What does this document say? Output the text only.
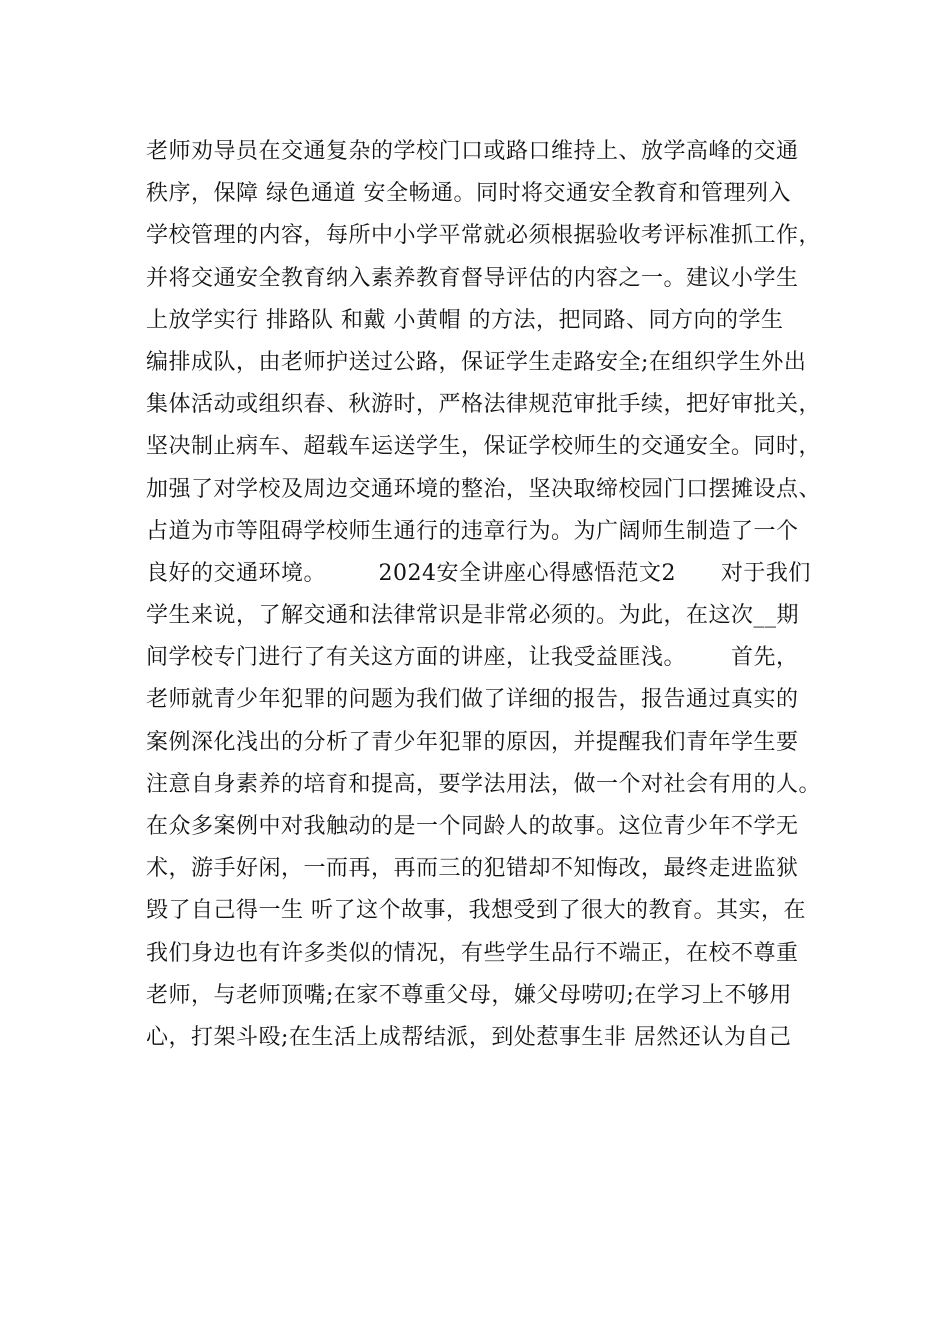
老师劝导员在交通复杂的学校门口或路口维持上、放学高峰的交通
秩序，保障 绿色通道 安全畅通。同时将交通安全教育和管理列入
学校管理的内容，每所中小学平常就必须根据验收考评标准抓工作，
并将交通安全教育纳入素养教育督导评估的内容之一。建议小学生
上放学实行 排路队 和戴 小黄帽 的方法，把同路、同方向的学生
编排成队，由老师护送过公路，保证学生走路安全;在组织学生外出
集体活动或组织春、秋游时，严格法律规范审批手续，把好审批关，
坚决制止病车、超载车运送学生，保证学校师生的交通安全。同时，
加强了对学校及周边交通环境的整治，坚决取缔校园门口摆摊设点、
占道为市等阻碍学校师生通行的违章行为。为广阔师生制造了一个
良好的交通环境。       2024安全讲座心得感悟范文2      对于我们
学生来说，了解交通和法律常识是非常必须的。为此，在这次__期
间学校专门进行了有关这方面的讲座，让我受益匪浅。      首先，
老师就青少年犯罪的问题为我们做了详细的报告，报告通过真实的
案例深化浅出的分析了青少年犯罪的原因，并提醒我们青年学生要
注意自身素养的培育和提高，要学法用法，做一个对社会有用的人。
在众多案例中对我触动的是一个同龄人的故事。这位青少年不学无
术，游手好闲，一而再，再而三的犯错却不知悔改，最终走进监狱
毁了自己得一生 听了这个故事，我想受到了很大的教育。其实，在
我们身边也有许多类似的情况，有些学生品行不端正，在校不尊重
老师，与老师顶嘴;在家不尊重父母，嫌父母唠叨;在学习上不够用
心，打架斗殴;在生活上成帮结派，到处惹事生非 居然还认为自己
